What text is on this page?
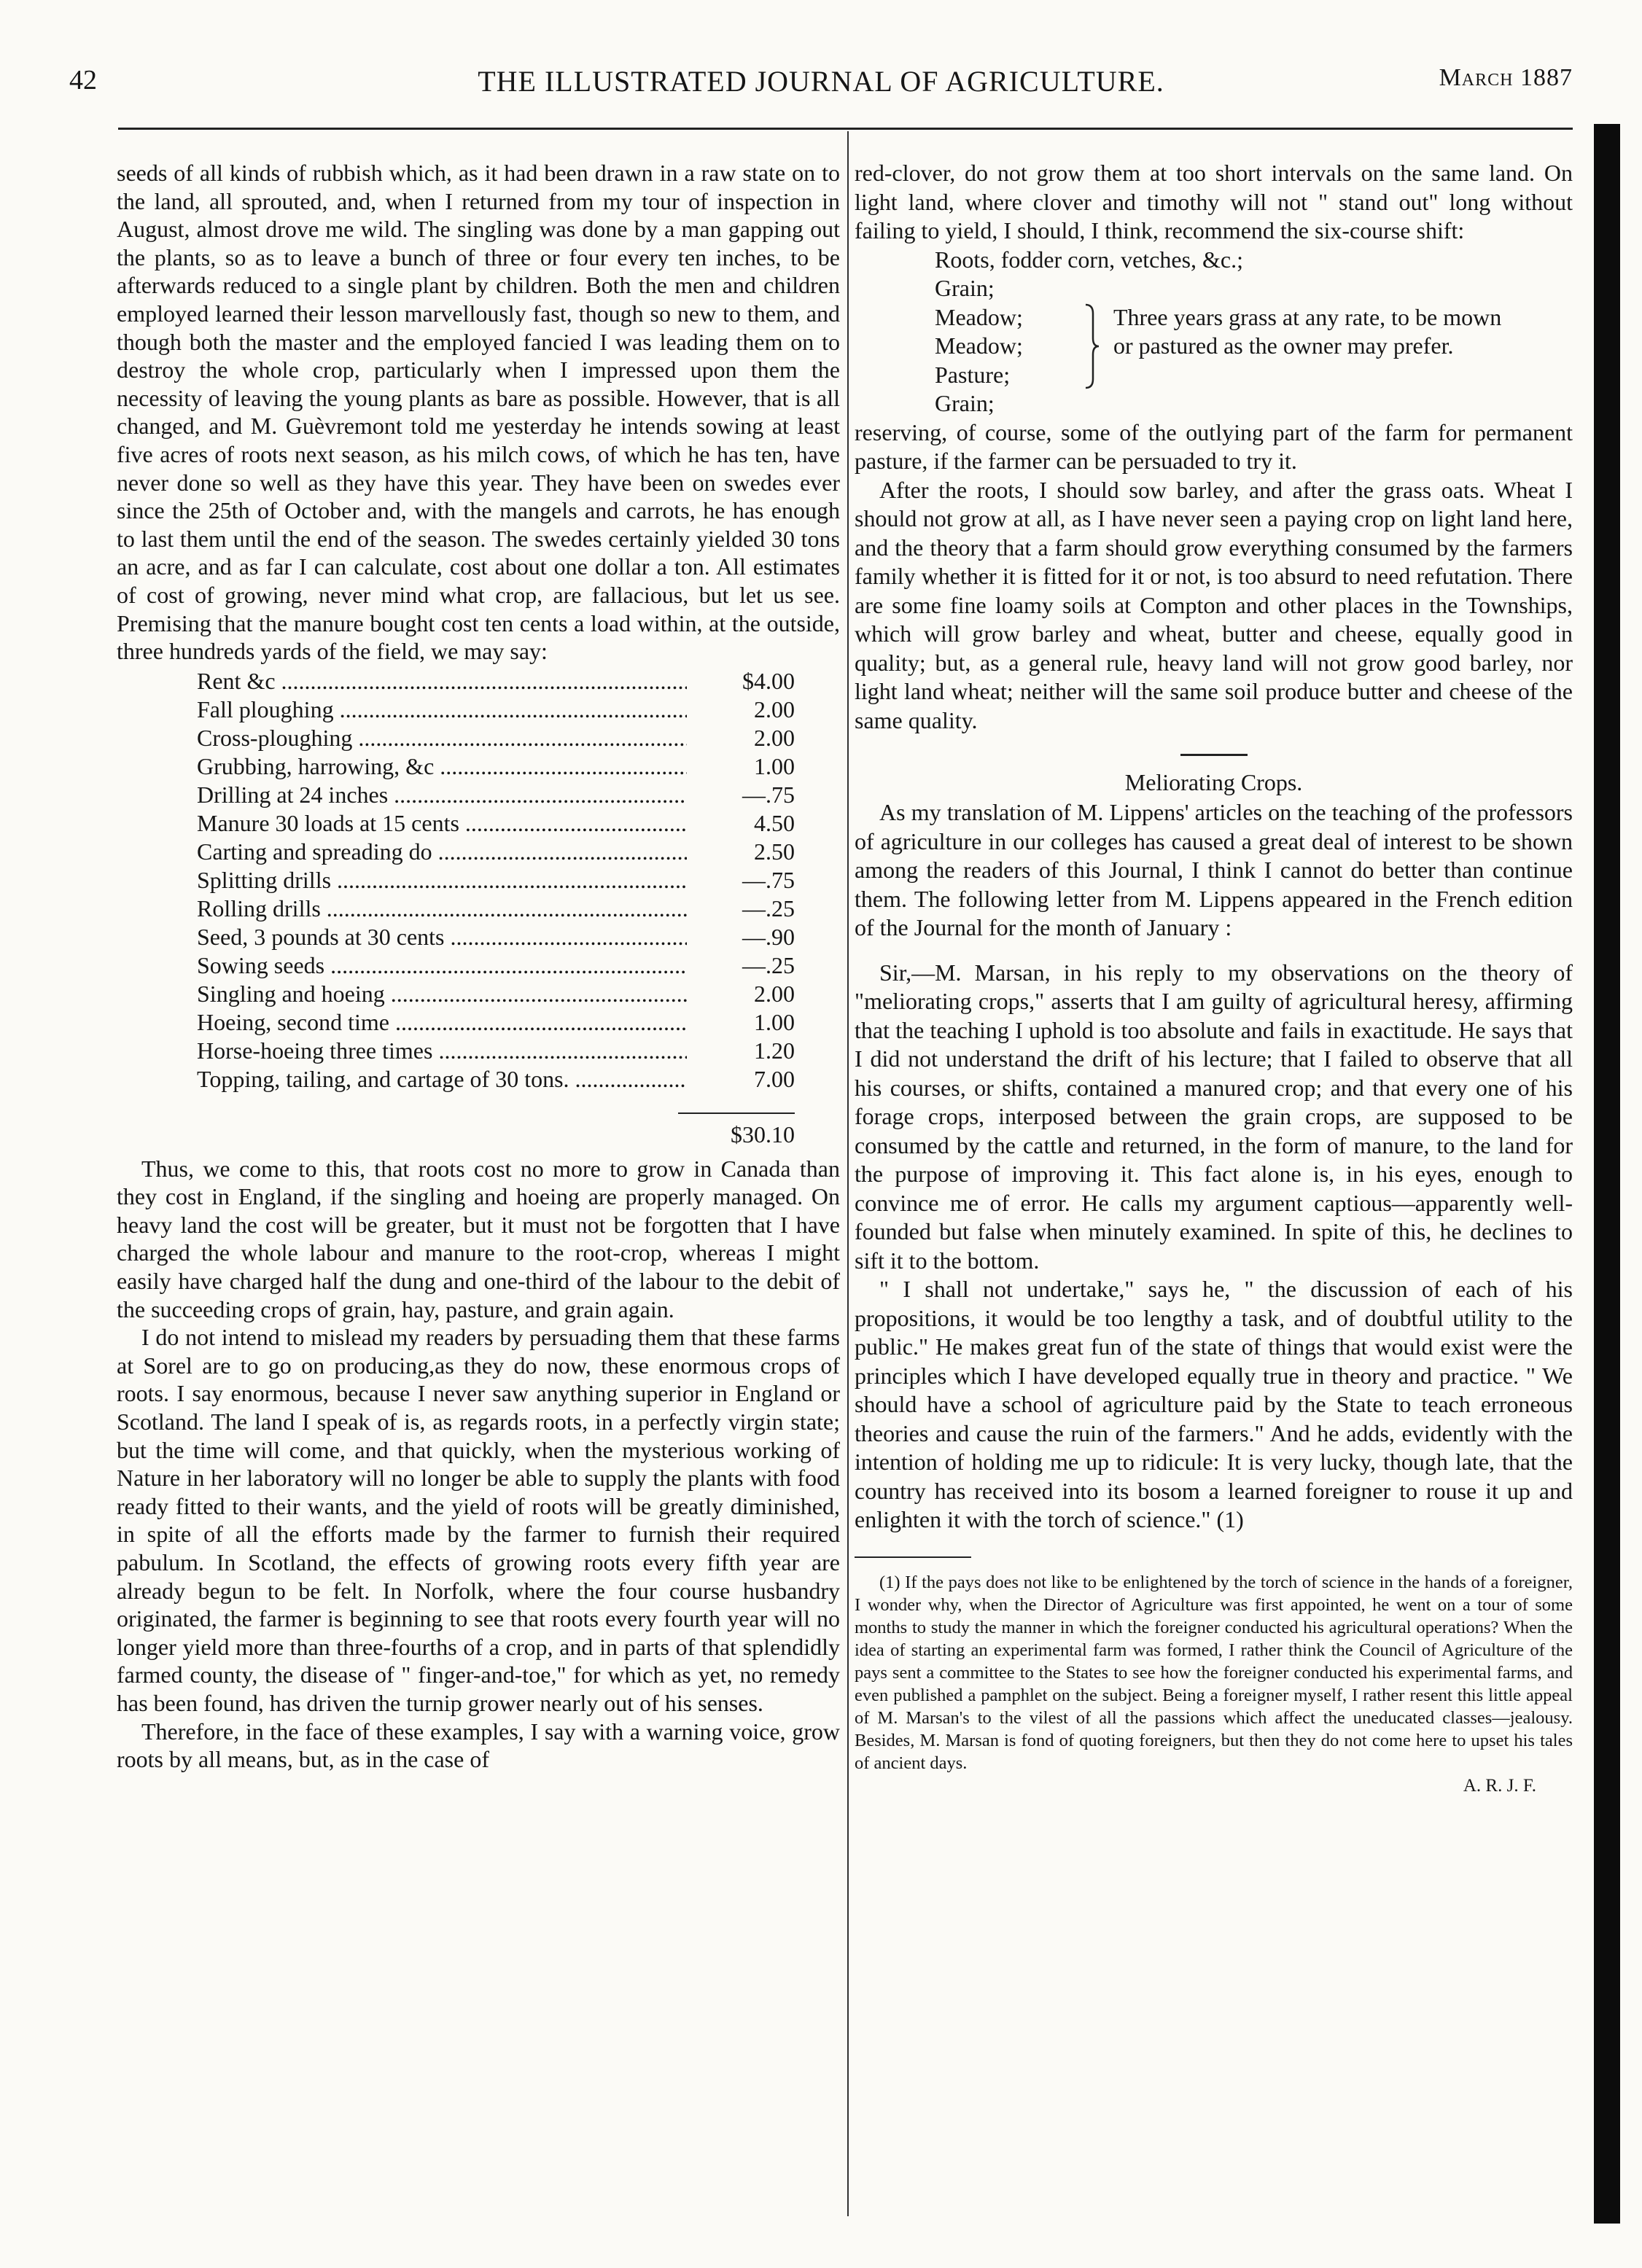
42	THE ILLUSTRATED JOURNAL OF AGRICULTURE.	March 1887

seeds of all kinds of rubbish which, as it had been drawn in a raw state on to the land, all sprouted, and, when I returned from my tour of inspection in August, almost drove me wild. The singling was done by a man gapping out the plants, so as to leave a bunch of three or four every ten inches, to be afterwards reduced to a single plant by children. Both the men and children employed learned their lesson marvellously fast, though so new to them, and though both the master and the employed fancied I was leading them on to destroy the whole crop, particularly when I impressed upon them the necessity of leaving the young plants as bare as possible. However, that is all changed, and M. Guèvremont told me yesterday he intends sowing at least five acres of roots next season, as his milch cows, of which he has ten, have never done so well as they have this year. They have been on swedes ever since the 25th of October and, with the mangels and carrots, he has enough to last them until the end of the season. The swedes certainly yielded 30 tons an acre, and as far I can calculate, cost about one dollar a ton. All estimates of cost of growing, never mind what crop, are fallacious, but let us see. Premising that the manure bought cost ten cents a load within, at the outside, three hundreds yards of the field, we may say:

Rent &c .....	$4.00
Fall ploughing .....	2.00
Cross-ploughing .....	2.00
Grubbing, harrowing, &c .....	1.00
Drilling at 24 inches .....	—.75
Manure 30 loads at 15 cents .....	4.50
Carting and spreading do .....	2.50
Splitting drills .....	—.75
Rolling drills .....	—.25
Seed, 3 pounds at 30 cents .....	—.90
Sowing seeds .....	—.25
Singling and hoeing .....	2.00
Hoeing, second time .....	1.00
Horse-hoeing three times .....	1.20
Topping, tailing, and cartage of 30 tons. .....	7.00
$30.10

Thus, we come to this, that roots cost no more to grow in Canada than they cost in England, if the singling and hoeing are properly managed. On heavy land the cost will be greater, but it must not be forgotten that I have charged the whole labour and manure to the root-crop, whereas I might easily have charged half the dung and one-third of the labour to the debit of the succeeding crops of grain, hay, pasture, and grain again.

I do not intend to mislead my readers by persuading them that these farms at Sorel are to go on producing,as they do now, these enormous crops of roots. I say enormous, because I never saw anything superior in England or Scotland. The land I speak of is, as regards roots, in a perfectly virgin state; but the time will come, and that quickly, when the mysterious working of Nature in her laboratory will no longer be able to supply the plants with food ready fitted to their wants, and the yield of roots will be greatly diminished, in spite of all the efforts made by the farmer to furnish their required pabulum. In Scotland, the effects of growing roots every fifth year are already begun to be felt. In Norfolk, where the four course husbandry originated, the farmer is beginning to see that roots every fourth year will no longer yield more than three-fourths of a crop, and in parts of that splendidly farmed county, the disease of " finger-and-toe," for which as yet, no remedy has been found, has driven the turnip grower nearly out of his senses.

Therefore, in the face of these examples, I say with a warning voice, grow roots by all means, but, as in the case of

red-clover, do not grow them at too short intervals on the same land. On light land, where clover and timothy will not " stand out" long without failing to yield, I should, I think, recommend the six-course shift:

Roots, fodder corn, vetches, &c.;
Grain;
Meadow;
Meadow;
Pasture;
Grain;
Three years grass at any rate, to be mown or pastured as the owner may prefer.

reserving, of course, some of the outlying part of the farm for permanent pasture, if the farmer can be persuaded to try it.

After the roots, I should sow barley, and after the grass oats. Wheat I should not grow at all, as I have never seen a paying crop on light land here, and the theory that a farm should grow everything consumed by the farmers family whether it is fitted for it or not, is too absurd to need refutation. There are some fine loamy soils at Compton and other places in the Townships, which will grow barley and wheat, butter and cheese, equally good in quality; but, as a general rule, heavy land will not grow good barley, nor light land wheat; neither will the same soil produce butter and cheese of the same quality.

Meliorating Crops.

As my translation of M. Lippens' articles on the teaching of the professors of agriculture in our colleges has caused a great deal of interest to be shown among the readers of this Journal, I think I cannot do better than continue them. The following letter from M. Lippens appeared in the French edition of the Journal for the month of January :

Sir,—M. Marsan, in his reply to my observations on the theory of "meliorating crops," asserts that I am guilty of agricultural heresy, affirming that the teaching I uphold is too absolute and fails in exactitude. He says that I did not understand the drift of his lecture; that I failed to observe that all his courses, or shifts, contained a manured crop; and that every one of his forage crops, interposed between the grain crops, are supposed to be consumed by the cattle and returned, in the form of manure, to the land for the purpose of improving it. This fact alone is, in his eyes, enough to convince me of error. He calls my argument captious—apparently well-founded but false when minutely examined. In spite of this, he declines to sift it to the bottom.

" I shall not undertake," says he, " the discussion of each of his propositions, it would be too lengthy a task, and of doubtful utility to the public." He makes great fun of the state of things that would exist were the principles which I have developed equally true in theory and practice. " We should have a school of agriculture paid by the State to teach erroneous theories and cause the ruin of the farmers." And he adds, evidently with the intention of holding me up to ridicule: It is very lucky, though late, that the country has received into its bosom a learned foreigner to rouse it up and enlighten it with the torch of science." (1)

(1) If the pays does not like to be enlightened by the torch of science in the hands of a foreigner, I wonder why, when the Director of Agriculture was first appointed, he went on a tour of some months to study the manner in which the foreigner conducted his agricultural operations? When the idea of starting an experimental farm was formed, I rather think the Council of Agriculture of the pays sent a committee to the States to see how the foreigner conducted his experimental farms, and even published a pamphlet on the subject. Being a foreigner myself, I rather resent this little appeal of M. Marsan's to the vilest of all the passions which affect the uneducated classes—jealousy. Besides, M. Marsan is fond of quoting foreigners, but then they do not come here to upset his tales of ancient days.

A. R. J. F.
